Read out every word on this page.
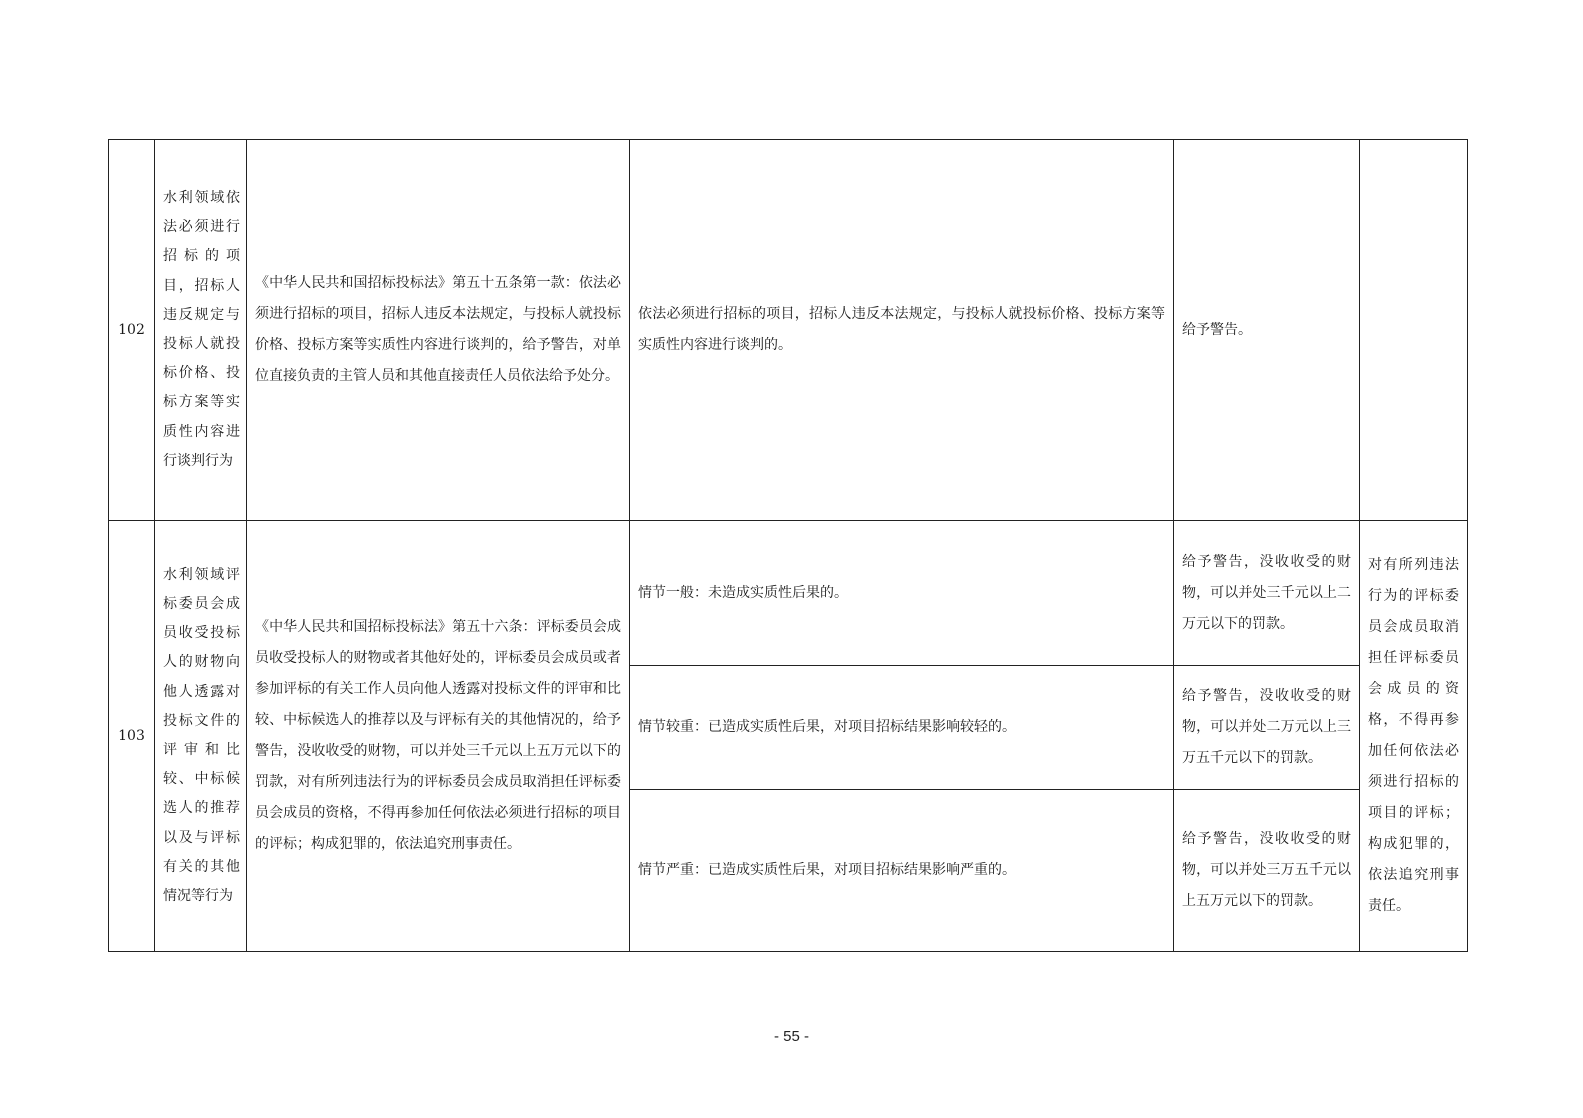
102	水利领域依法必须进行招标的项目，招标人违反规定与投标人就投标价格、投标方案等实质性内容进行谈判行为	《中华人民共和国招标投标法》第五十五条第一款：依法必须进行招标的项目，招标人违反本法规定，与投标人就投标价格、投标方案等实质性内容进行谈判的，给予警告，对单位直接负责的主管人员和其他直接责任人员依法给予处分。	依法必须进行招标的项目，招标人违反本法规定，与投标人就投标价格、投标方案等实质性内容进行谈判的。	给予警告。	
103	水利领域评标委员会成员收受投标人的财物向他人透露对投标文件的评审和比较、中标候选人的推荐以及与评标有关的其他情况等行为	《中华人民共和国招标投标法》第五十六条：评标委员会成员收受投标人的财物或者其他好处的，评标委员会成员或者参加评标的有关工作人员向他人透露对投标文件的评审和比较、中标候选人的推荐以及与评标有关的其他情况的，给予警告，没收收受的财物，可以并处三千元以上五万元以下的罚款，对有所列违法行为的评标委员会成员取消担任评标委员会成员的资格，不得再参加任何依法必须进行招标的项目的评标；构成犯罪的，依法追究刑事责任。	情节一般：未造成实质性后果的。	给予警告，没收收受的财物，可以并处三千元以上二万元以下的罚款。	对有所列违法行为的评标委员会成员取消担任评标委员会成员的资格，不得再参加任何依法必须进行招标的项目的评标；构成犯罪的，依法追究刑事责任。
			情节较重：已造成实质性后果，对项目招标结果影响较轻的。	给予警告，没收收受的财物，可以并处二万元以上三万五千元以下的罚款。	
			情节严重：已造成实质性后果，对项目招标结果影响严重的。	给予警告，没收收受的财物，可以并处三万五千元以上五万元以下的罚款。	
- 55 -
